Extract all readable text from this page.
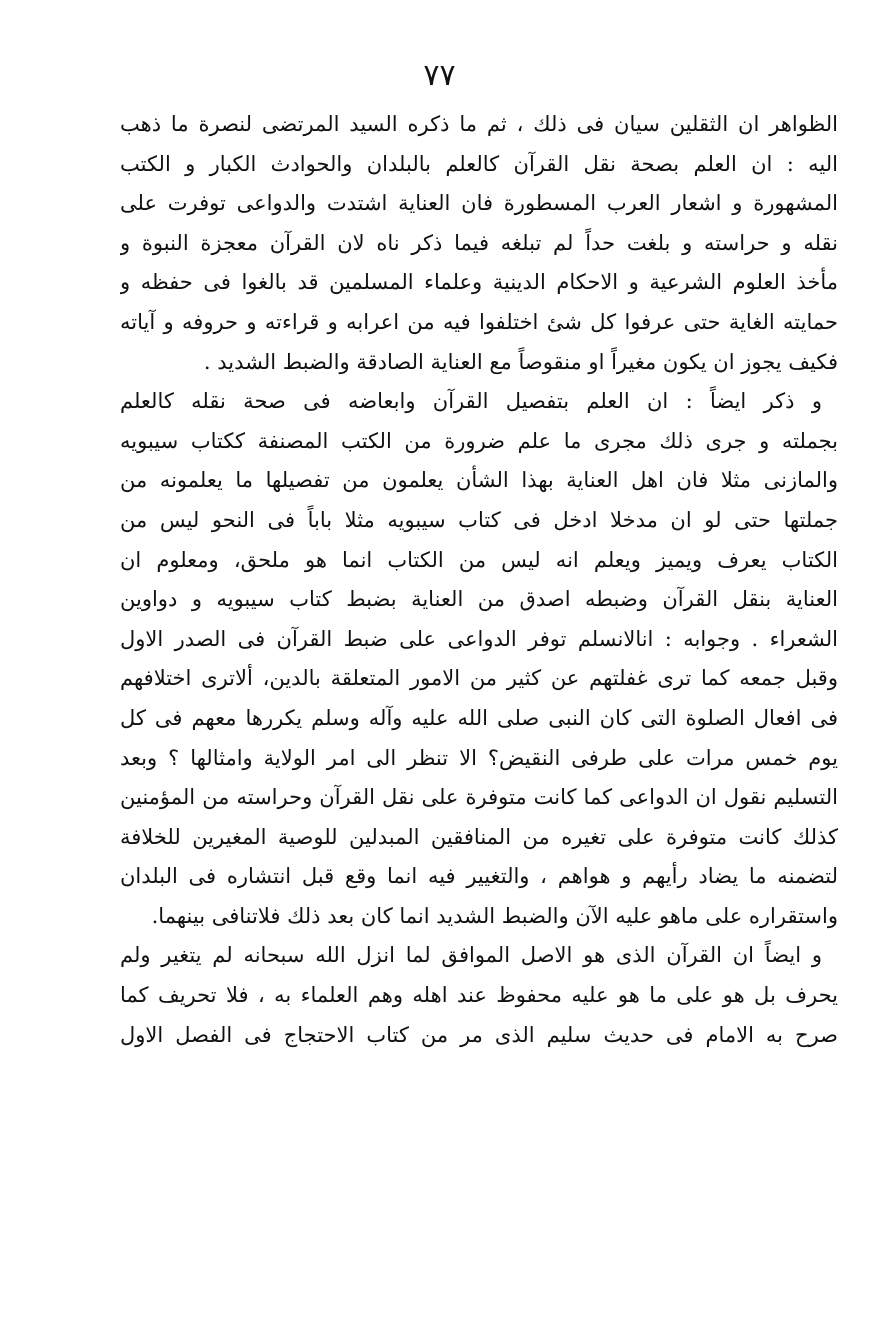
٧٧
الظواهر ان الثقلين سيان فى ذلك ، ثم ما ذكره السيد المرتضى لنصرة ما ذهب
اليه : ان العلم بصحة نقل القرآن كالعلم بالبلدان والحوادث الكبار و الكتب
المشهورة و اشعار العرب المسطورة فان العناية اشتدت والدواعى توفرت على
نقله و حراسته و بلغت حداً لم تبلغه فيما ذكر ناه لان القرآن معجزة النبوة و
مأخذ العلوم الشرعية و الاحكام الدينية وعلماء المسلمين قد بالغوا فى حفظه و
حمايته الغاية حتى عرفوا كل شئ اختلفوا فيه من اعرابه و قراءته و حروفه و آياته
فكيف يجوز ان يكون مغيراً او منقوصاً مع العناية الصادقة والضبط الشديد .
و ذكر ايضاً : ان العلم بتفصيل القرآن وابعاضه فى صحة نقله كالعلم
بجملته و جرى ذلك مجرى ما علم ضرورة من الكتب المصنفة ككتاب سيبويه
والمازنى مثلا فان اهل العناية بهذا الشأن يعلمون من تفصيلها ما يعلمونه من
جملتها حتى لو ان مدخلا ادخل فى كتاب سيبويه مثلا باباً فى النحو ليس من
الكتاب يعرف ويميز ويعلم انه ليس من الكتاب انما هو ملحق، ومعلوم ان
العناية بنقل القرآن وضبطه اصدق من العناية بضبط كتاب سيبويه و دواوين
الشعراء . وجوابه : انالانسلم توفر الدواعى على ضبط القرآن فى الصدر الاول
وقبل جمعه كما ترى غفلتهم عن كثير من الامور المتعلقة بالدين، ألاترى اختلافهم
فى افعال الصلوة التى كان النبى صلى الله عليه وآله وسلم يكررها معهم فى كل
يوم خمس مرات على طرفى النقيض؟ الا تنظر الى امر الولاية وامثالها ؟ وبعد
التسليم نقول ان الدواعى كما كانت متوفرة على نقل القرآن وحراسته من المؤمنين
كذلك كانت متوفرة على تغيره من المنافقين المبدلين للوصية المغيرين للخلافة
لتضمنه ما يضاد رأيهم و هواهم ، والتغيير فيه انما وقع قبل انتشاره فى البلدان
واستقراره على ماهو عليه الآن والضبط الشديد انما كان بعد ذلك فلاتنافى بينهما.
و ايضاً ان القرآن الذى هو الاصل الموافق لما انزل الله سبحانه لم يتغير ولم
يحرف بل هو على ما هو عليه محفوظ عند اهله وهم العلماء به ، فلا تحريف كما
صرح به الامام فى حديث سليم الذى مر من كتاب الاحتجاج فى الفصل الاول
